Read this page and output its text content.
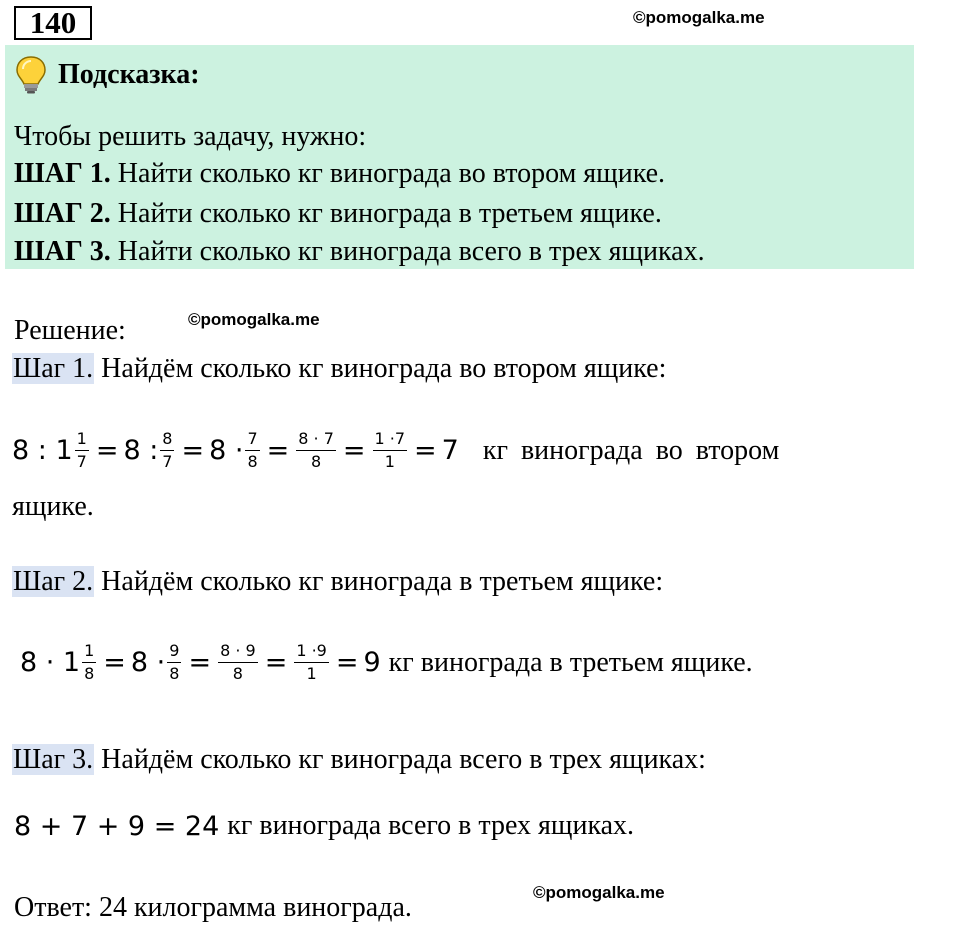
140	©pomogalka.me
Подсказка:
Чтобы решить задачу, нужно:
ШАГ 1. Найти сколько кг винограда во втором ящике.
ШАГ 2. Найти сколько кг винограда в третьем ящике.
ШАГ 3. Найти сколько кг винограда всего в трех ящиках.
Решение:	©pomogalka.me
Шаг 1. Найдём сколько кг винограда во втором ящике:
8 : $1 \frac{1}{7} = 8$ : $\frac{8}{7} = 8 \cdot \frac{7}{8} = \frac{8 \cdot 7}{8} = \frac{1 \cdot 7}{1} = 7$ кг винограда во втором
ящике.
Шаг 2. Найдём сколько кг винограда в третьем ящике:
$8 \cdot 1 \frac{1}{8} = 8 \cdot \frac{9}{8} = \frac{8 \cdot 9}{8} = \frac{1 \cdot 9}{1} = 9$ кг винограда в третьем ящике.
Шаг 3. Найдём сколько кг винограда всего в трех ящиках:
8 + 7 + 9 = 24 кг винограда всего в трех ящиках.
©pomogalka.me
Ответ: 24 килограмма винограда.
